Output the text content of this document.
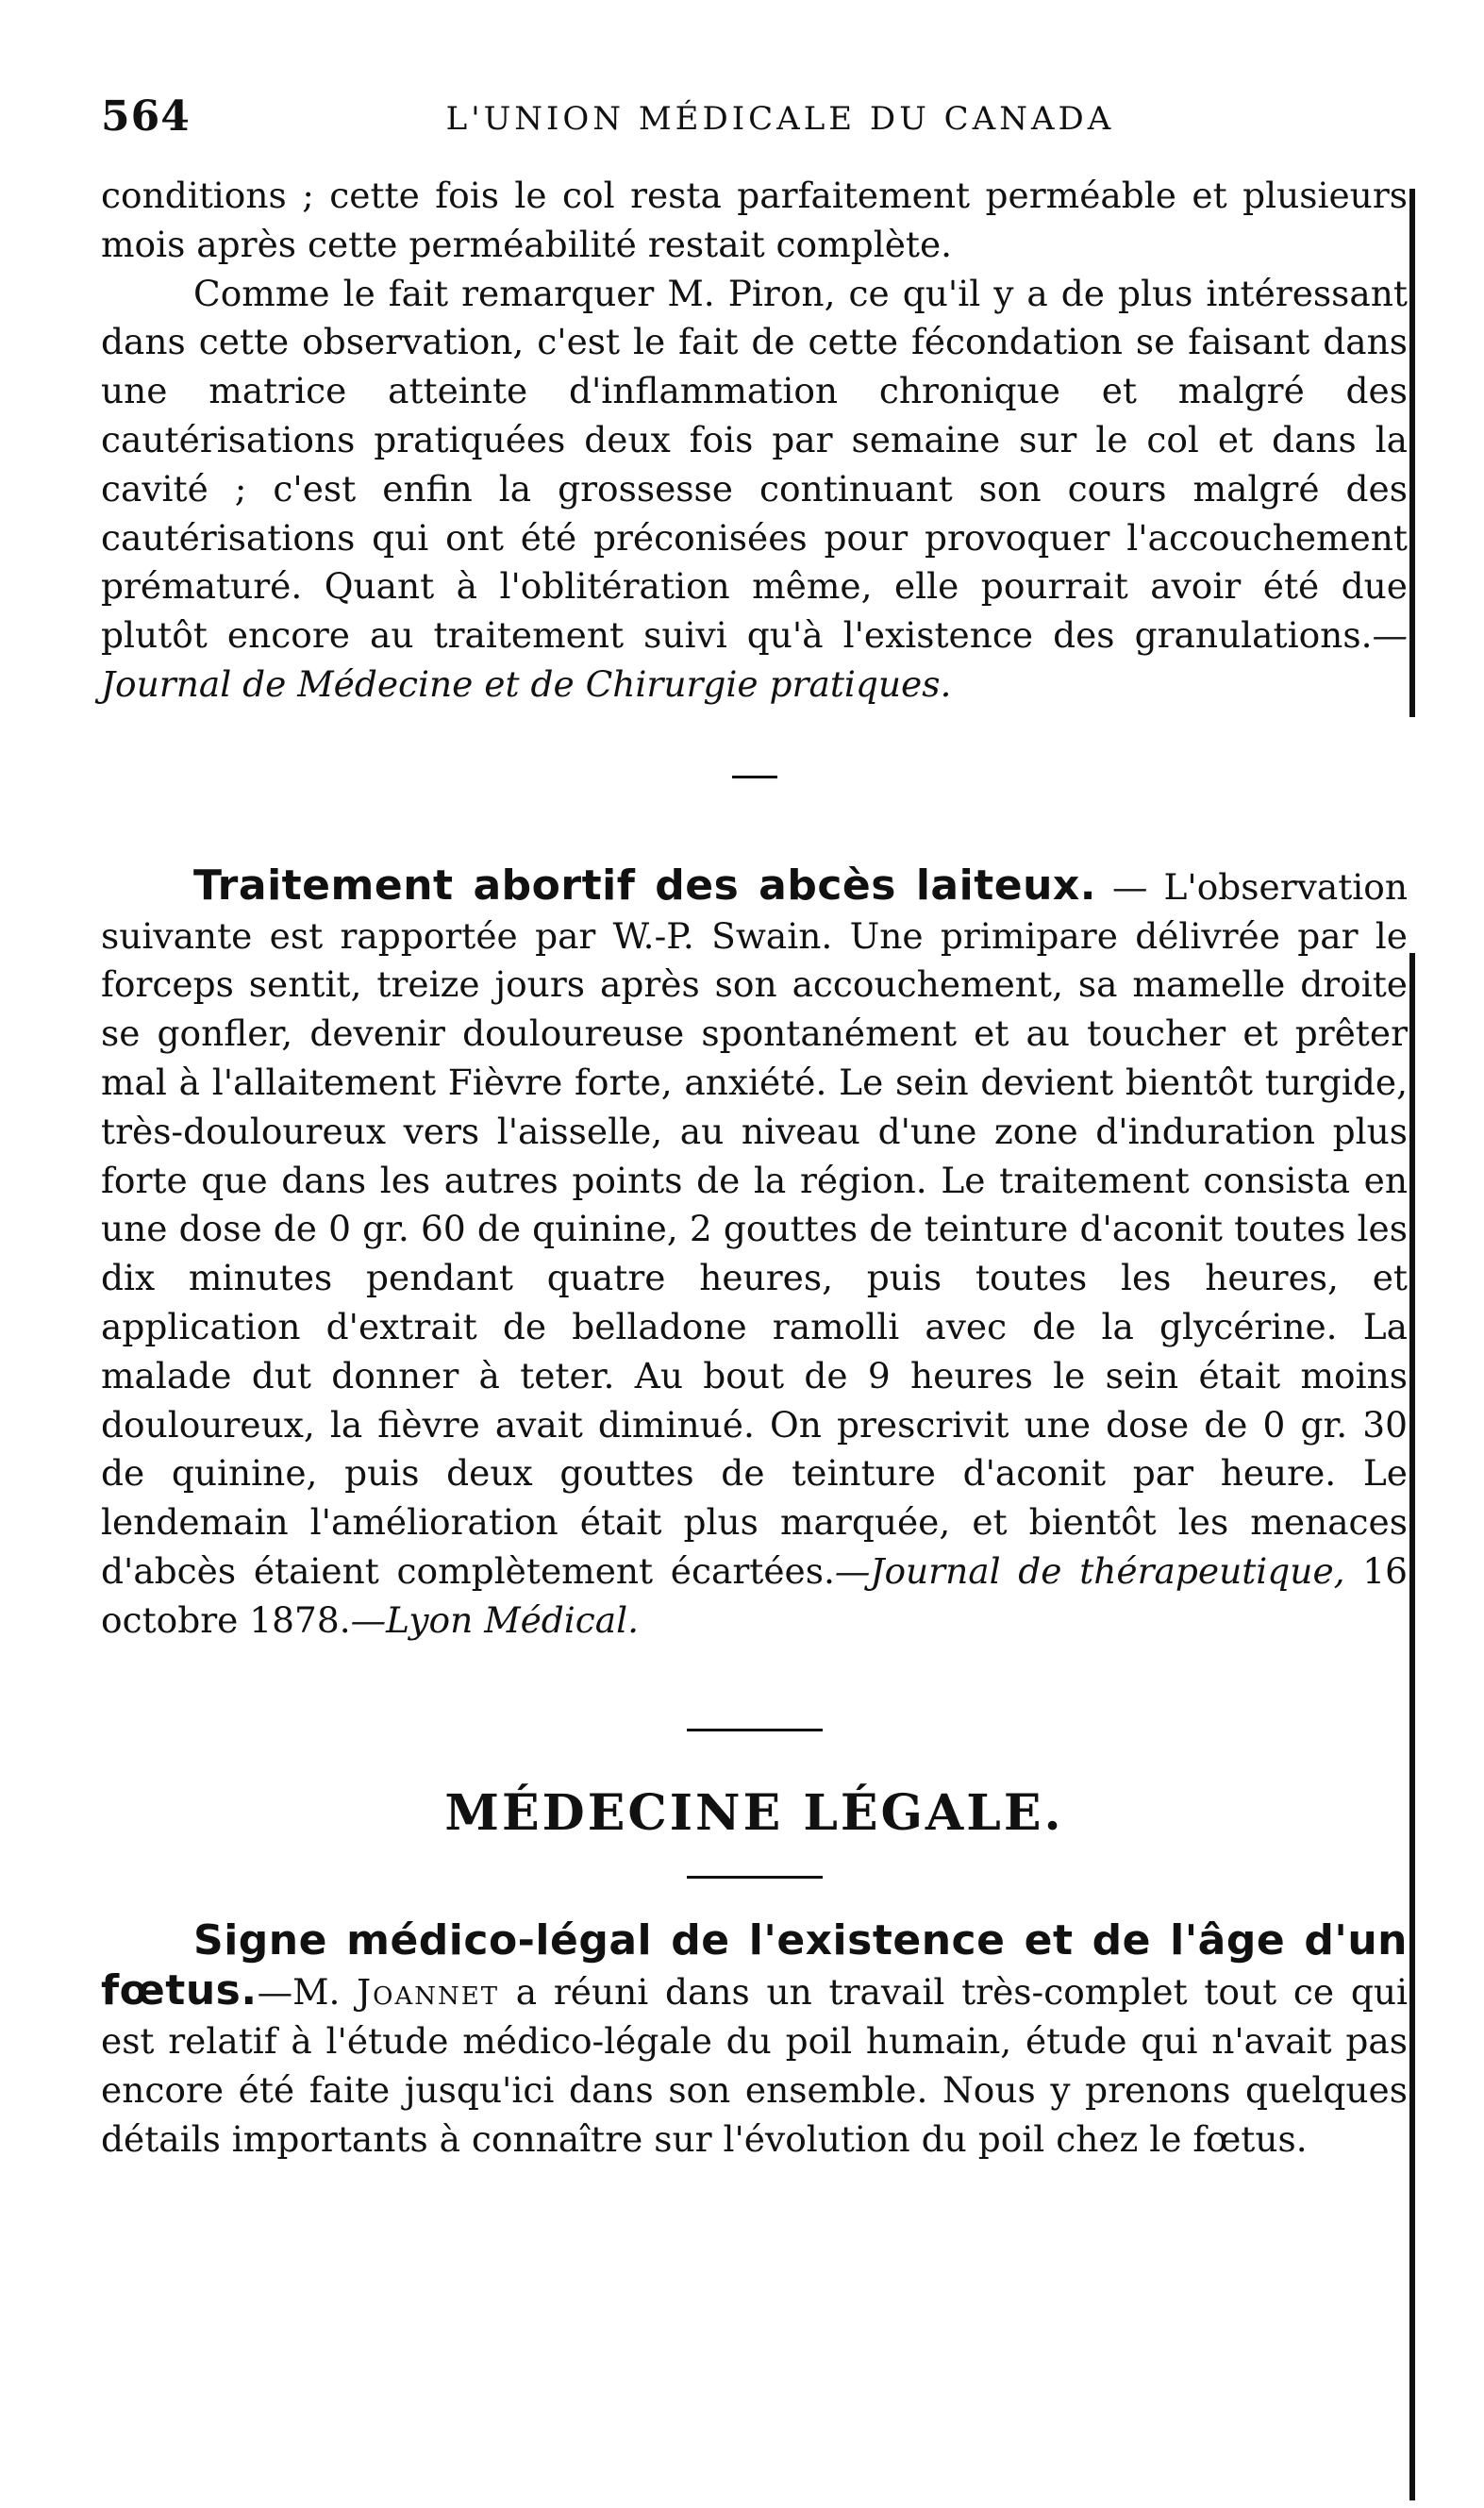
564	L'UNION MÉDICALE DU CANADA

conditions ; cette fois le col resta parfaitement perméable et plusieurs mois après cette perméabilité restait complète.

Comme le fait remarquer M. Piron, ce qu'il y a de plus intéressant dans cette observation, c'est le fait de cette fécondation se faisant dans une matrice atteinte d'inflammation chronique et malgré des cautérisations pratiquées deux fois par semaine sur le col et dans la cavité ; c'est enfin la grossesse continuant son cours malgré des cautérisations qui ont été préconisées pour provoquer l'accouchement prématuré. Quant à l'oblitération même, elle pourrait avoir été due plutôt encore au traitement suivi qu'à l'existence des granulations.—Journal de Médecine et de Chirurgie pratiques.

Traitement abortif des abcès laiteux. — L'observation suivante est rapportée par W.-P. Swain. Une primipare délivrée par le forceps sentit, treize jours après son accouchement, sa mamelle droite se gonfler, devenir douloureuse spontanément et au toucher et prêter mal à l'allaitement Fièvre forte, anxiété. Le sein devient bientôt turgide, très-douloureux vers l'aisselle, au niveau d'une zone d'induration plus forte que dans les autres points de la région. Le traitement consista en une dose de 0 gr. 60 de quinine, 2 gouttes de teinture d'aconit toutes les dix minutes pendant quatre heures, puis toutes les heures, et application d'extrait de belladone ramolli avec de la glycérine. La malade dut donner à teter. Au bout de 9 heures le sein était moins douloureux, la fièvre avait diminué. On prescrivit une dose de 0 gr. 30 de quinine, puis deux gouttes de teinture d'aconit par heure. Le lendemain l'amélioration était plus marquée, et bientôt les menaces d'abcès étaient complètement écartées.—Journal de thérapeutique, 16 octobre 1878.—Lyon Médical.

MÉDECINE LÉGALE.

Signe médico-légal de l'existence et de l'âge d'un fœtus.—M. Joannet a réuni dans un travail très-complet tout ce qui est relatif à l'étude médico-légale du poil humain, étude qui n'avait pas encore été faite jusqu'ici dans son ensemble. Nous y prenons quelques détails importants à connaître sur l'évolution du poil chez le fœtus.
